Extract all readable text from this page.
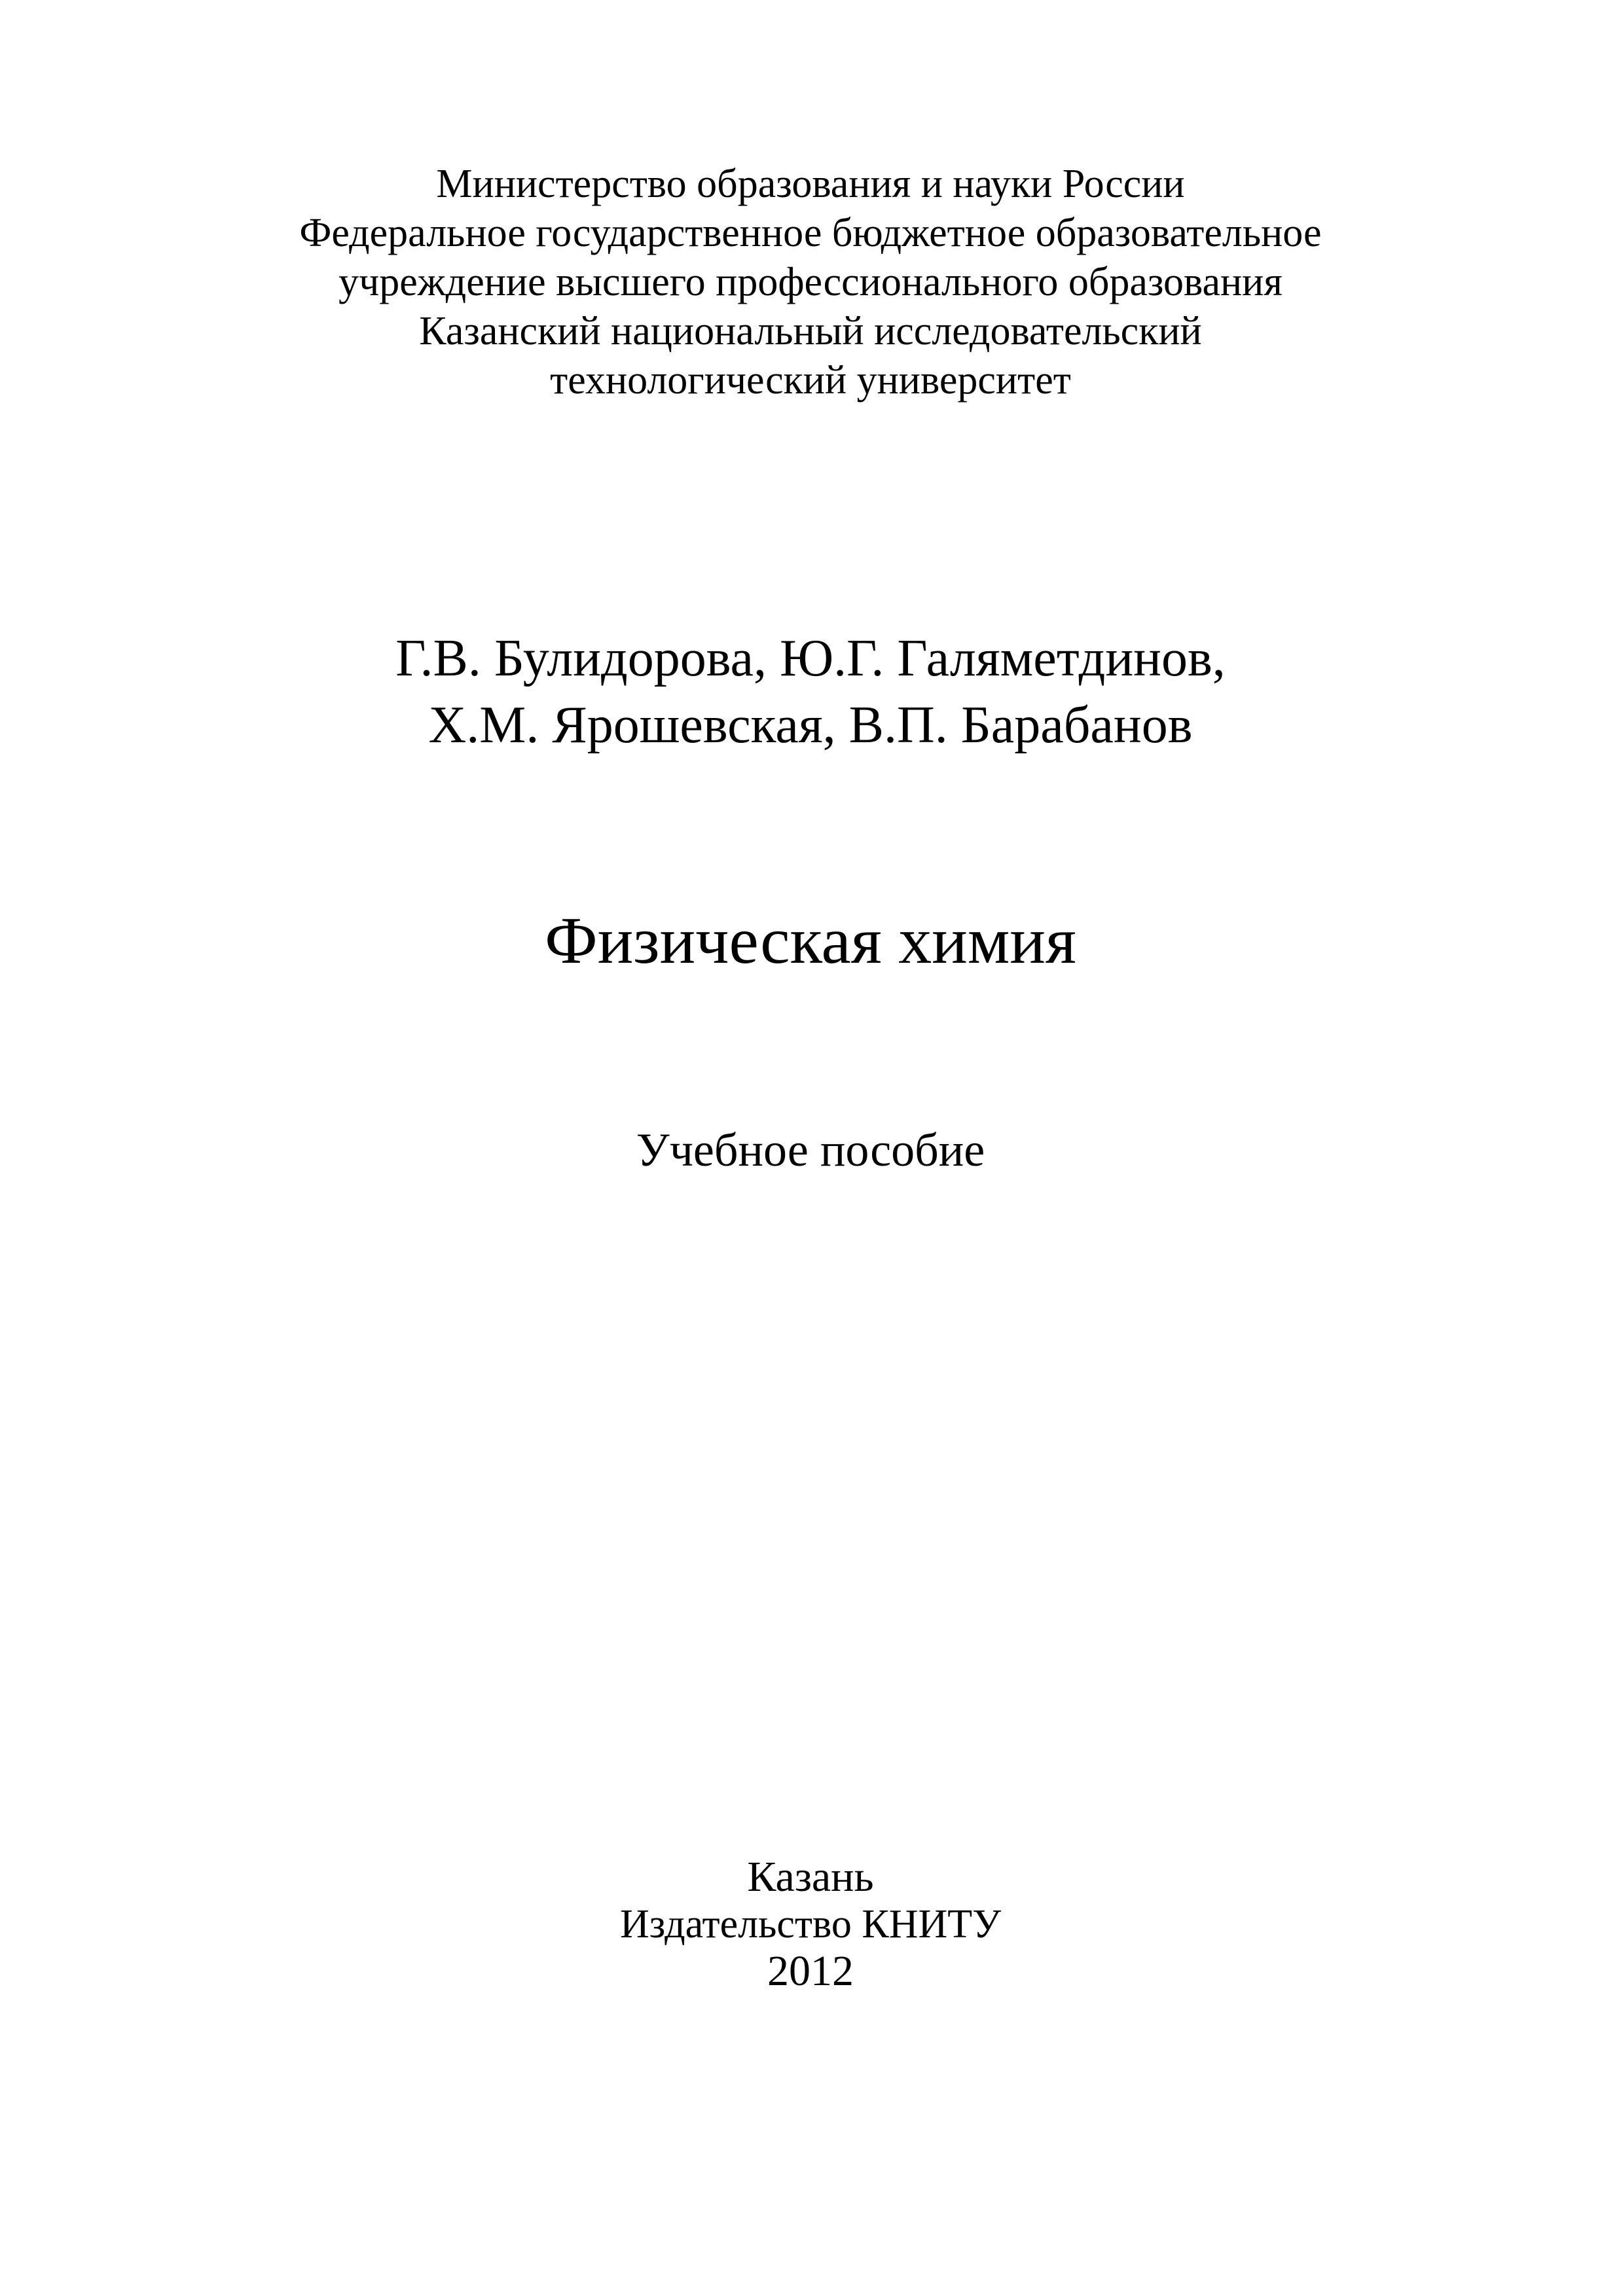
Министерство образования и науки России
Федеральное государственное бюджетное образовательное
учреждение высшего профессионального образования
Казанский национальный исследовательский
технологический университет
Г.В. Булидорова, Ю.Г. Галяметдинов,
Х.М. Ярошевская, В.П. Барабанов
Физическая химия
Учебное пособие
Казань
Издательство КНИТУ
2012
